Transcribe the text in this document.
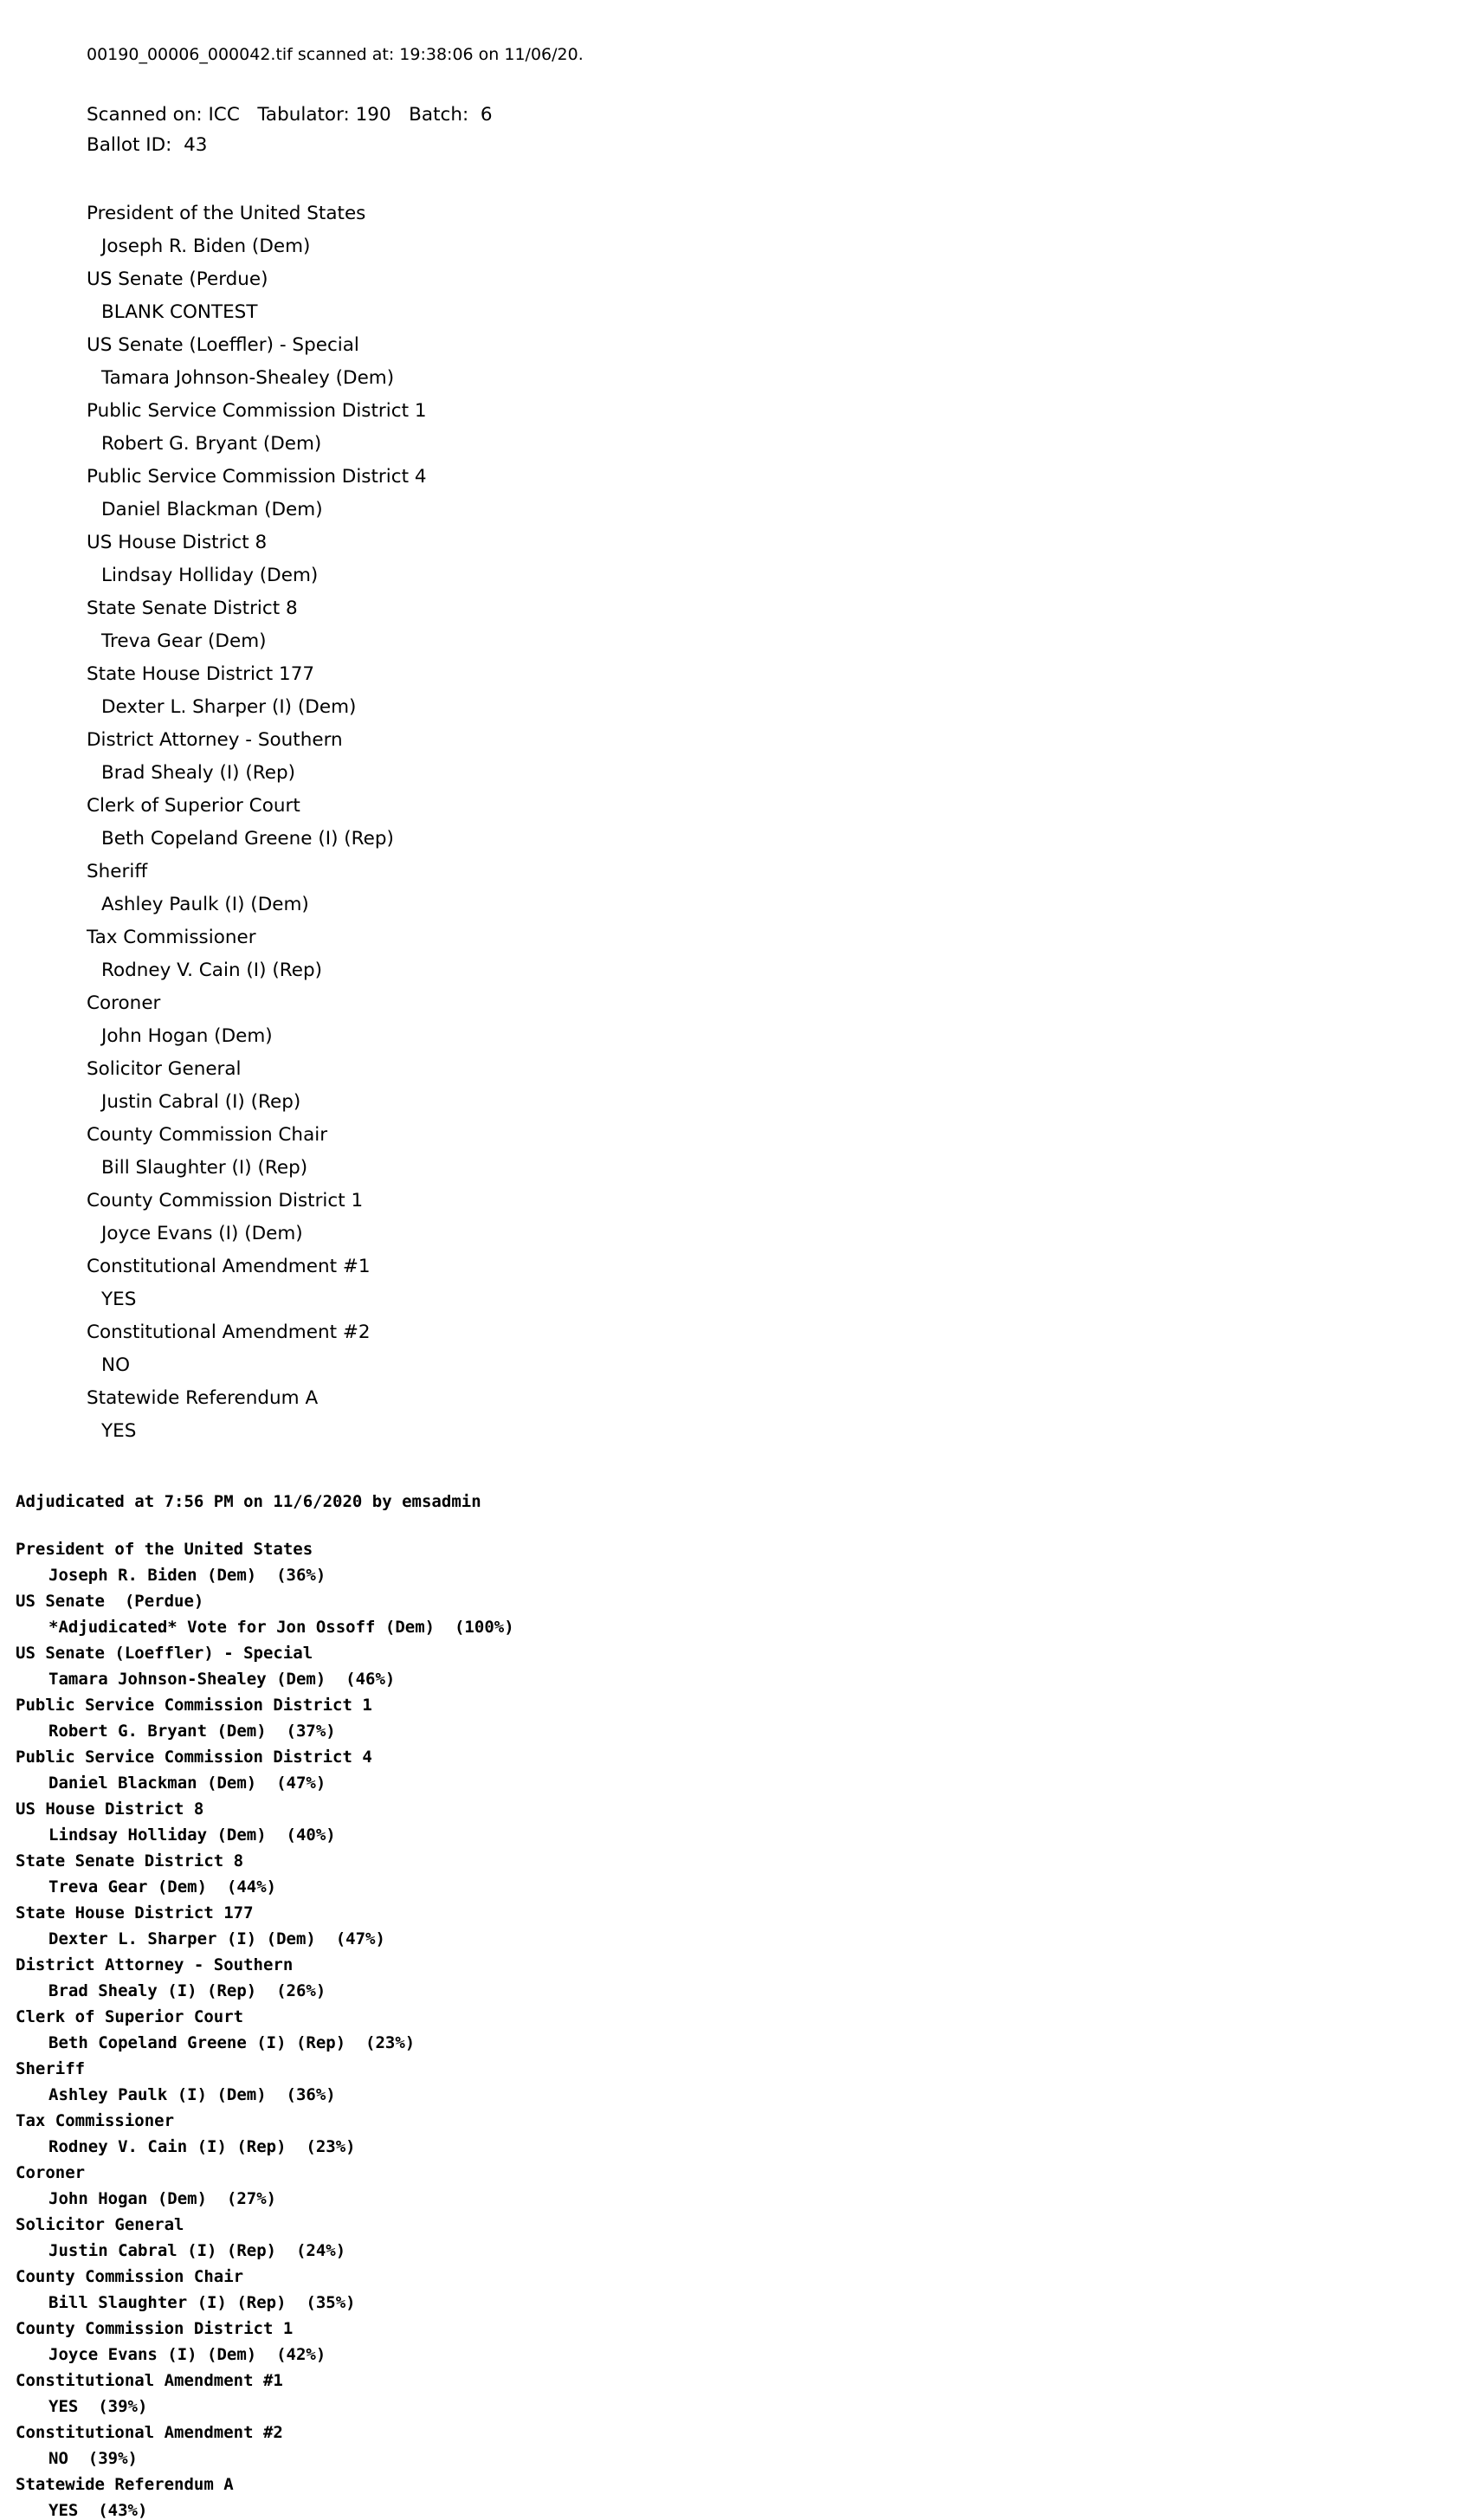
00190_00006_000042.tif scanned at: 19:38:06 on 11/06/20.
Scanned on: ICC   Tabulator: 190   Batch:  6
Ballot ID:  43
President of the United States
Joseph R. Biden (Dem)
US Senate (Perdue)
BLANK CONTEST
US Senate (Loeffler) - Special
Tamara Johnson-Shealey (Dem)
Public Service Commission District 1
Robert G. Bryant (Dem)
Public Service Commission District 4
Daniel Blackman (Dem)
US House District 8
Lindsay Holliday (Dem)
State Senate District 8
Treva Gear (Dem)
State House District 177
Dexter L. Sharper (I) (Dem)
District Attorney - Southern
Brad Shealy (I) (Rep)
Clerk of Superior Court
Beth Copeland Greene (I) (Rep)
Sheriff
Ashley Paulk (I) (Dem)
Tax Commissioner
Rodney V. Cain (I) (Rep)
Coroner
John Hogan (Dem)
Solicitor General
Justin Cabral (I) (Rep)
County Commission Chair
Bill Slaughter (I) (Rep)
County Commission District 1
Joyce Evans (I) (Dem)
Constitutional Amendment #1
YES
Constitutional Amendment #2
NO
Statewide Referendum A
YES
Adjudicated at 7:56 PM on 11/6/2020 by emsadmin
President of the United States
Joseph R. Biden (Dem)  (36%)
US Senate  (Perdue)
*Adjudicated* Vote for Jon Ossoff (Dem)  (100%)
US Senate (Loeffler) - Special
Tamara Johnson-Shealey (Dem)  (46%)
Public Service Commission District 1
Robert G. Bryant (Dem)  (37%)
Public Service Commission District 4
Daniel Blackman (Dem)  (47%)
US House District 8
Lindsay Holliday (Dem)  (40%)
State Senate District 8
Treva Gear (Dem)  (44%)
State House District 177
Dexter L. Sharper (I) (Dem)  (47%)
District Attorney - Southern
Brad Shealy (I) (Rep)  (26%)
Clerk of Superior Court
Beth Copeland Greene (I) (Rep)  (23%)
Sheriff
Ashley Paulk (I) (Dem)  (36%)
Tax Commissioner
Rodney V. Cain (I) (Rep)  (23%)
Coroner
John Hogan (Dem)  (27%)
Solicitor General
Justin Cabral (I) (Rep)  (24%)
County Commission Chair
Bill Slaughter (I) (Rep)  (35%)
County Commission District 1
Joyce Evans (I) (Dem)  (42%)
Constitutional Amendment #1
YES  (39%)
Constitutional Amendment #2
NO  (39%)
Statewide Referendum A
YES  (43%)
